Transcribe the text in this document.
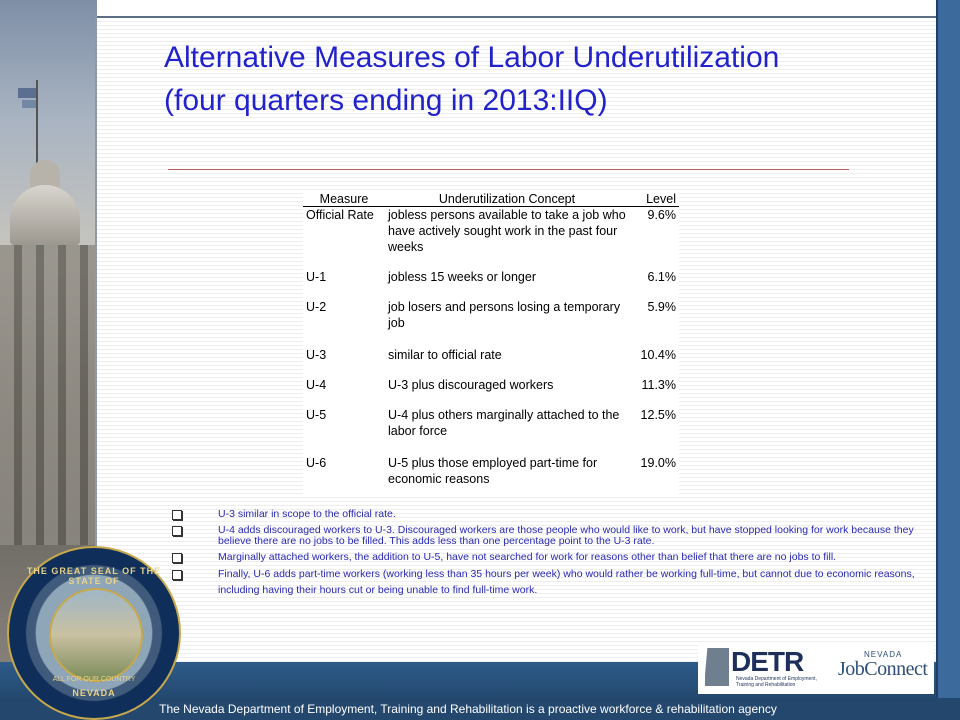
Alternative Measures of Labor Underutilization (four quarters ending in 2013:IIQ)
Measure	Underutilization Concept	Level
Official Rate	jobless persons available to take a job who have actively sought work in the past four weeks	9.6%
U-1	jobless 15 weeks or longer	6.1%
U-2	job losers and persons losing a temporary job	5.9%
U-3	similar to official rate	10.4%
U-4	U-3 plus discouraged workers	11.3%
U-5	U-4 plus others marginally attached to the labor force	12.5%
U-6	U-5 plus those employed part-time for economic reasons	19.0%
U-3 similar in scope to the official rate.
U-4 adds discouraged workers to U-3. Discouraged workers are those people who would like to work, but have stopped looking for work because they believe there are no jobs to be filled. This adds less than one percentage point to the U-3 rate.
Marginally attached workers, the addition to U-5, have not searched for work for reasons other than belief that there are no jobs to fill.
Finally, U-6 adds part-time workers (working less than 35 hours per week) who would rather be working full-time, but cannot due to economic reasons, including having their hours cut or being unable to find full-time work.

The Nevada Department of Employment, Training and Rehabilitation is a proactive workforce & rehabilitation agency

THE GREAT SEAL OF THE STATE OF
ALL FOR OUR COUNTRY
NEVADA
DETR
Nevada Department of Employment, Training and Rehabilitation
NEVADA
JobConnect
